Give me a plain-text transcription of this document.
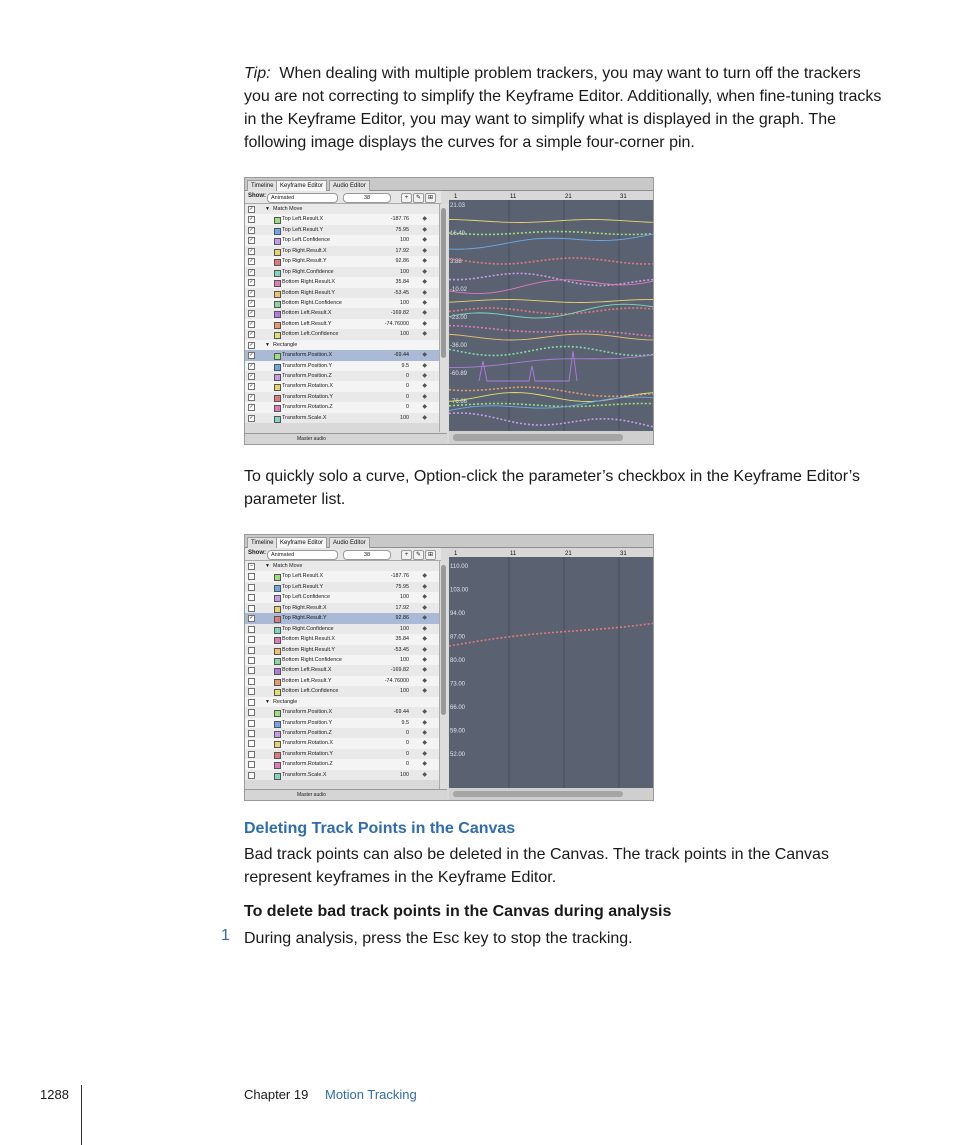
Tip: When dealing with multiple problem trackers, you may want to turn off the trackers you are not correcting to simplify the Keyframe Editor. Additionally, when fine-tuning tracks in the Keyframe Editor, you may want to simplify what is displayed in the graph. The following image displays the curves for a simple four-corner pin.

Timeline	Keyframe Editor	Audio Editor
Show: Animated	38	+	✎	⊞
✓ ▼ Match Move
✓	Top Left.Result.X	-187.76 ◆
✓	Top Left.Result.Y	75.95 ◆
✓	Top Left.Confidence	100 ◆
✓	Top Right.Result.X	17.92 ◆
✓	Top Right.Result.Y	92.86 ◆
✓	Top Right.Confidence	100 ◆
✓	Bottom Right.Result.X	35.84 ◆
✓	Bottom Right.Result.Y	-53.45 ◆
✓	Bottom Right.Confidence	100 ◆
✓	Bottom Left.Result.X	-169.82 ◆
✓	Bottom Left.Result.Y	-74.76000 ◆
✓	Bottom Left.Confidence	100 ◆
✓ ▼ Rectangle
✓	Transform.Position.X	-69.44 ◆
✓	Transform.Position.Y	9.5 ◆
✓	Transform.Position.Z	0 ◆
✓	Transform.Rotation.X	0 ◆
✓	Transform.Rotation.Y	0 ◆
✓	Transform.Rotation.Z	0 ◆
✓	Transform.Scale.X	100 ◆
Master audio
1	11	21	31
21.03
16.49
3.88
-10.02
-23.00
-36.00
-60.89
-76.66

To quickly solo a curve, Option-click the parameter’s checkbox in the Keyframe Editor’s parameter list.

Timeline	Keyframe Editor	Audio Editor
Show: Animated	38	+	✎	⊞
–	▼ Match Move
Top Left.Result.X	-187.76 ◆
Top Left.Result.Y	75.95 ◆
Top Left.Confidence	100 ◆
Top Right.Result.X	17.92 ◆
✓	Top Right.Result.Y	92.86 ◆
Top Right.Confidence	100 ◆
Bottom Right.Result.X	35.84 ◆
Bottom Right.Result.Y	-53.45 ◆
Bottom Right.Confidence	100 ◆
Bottom Left.Result.X	-169.82 ◆
Bottom Left.Result.Y	-74.76000 ◆
Bottom Left.Confidence	100 ◆
▼ Rectangle
Transform.Position.X	-69.44 ◆
Transform.Position.Y	9.5 ◆
Transform.Position.Z	0 ◆
Transform.Rotation.X	0 ◆
Transform.Rotation.Y	0 ◆
Transform.Rotation.Z	0 ◆
Transform.Scale.X	100 ◆
Master audio
1	11	21	31
110.00
103.00
94.00
87.00
80.00
73.00
66.00
59.00
52.00
Deleting Track Points in the Canvas

Bad track points can also be deleted in the Canvas. The track points in the Canvas represent keyframes in the Keyframe Editor.

To delete bad track points in the Canvas during analysis
1 During analysis, press the Esc key to stop the tracking.
1288	Chapter 19 Motion Tracking
